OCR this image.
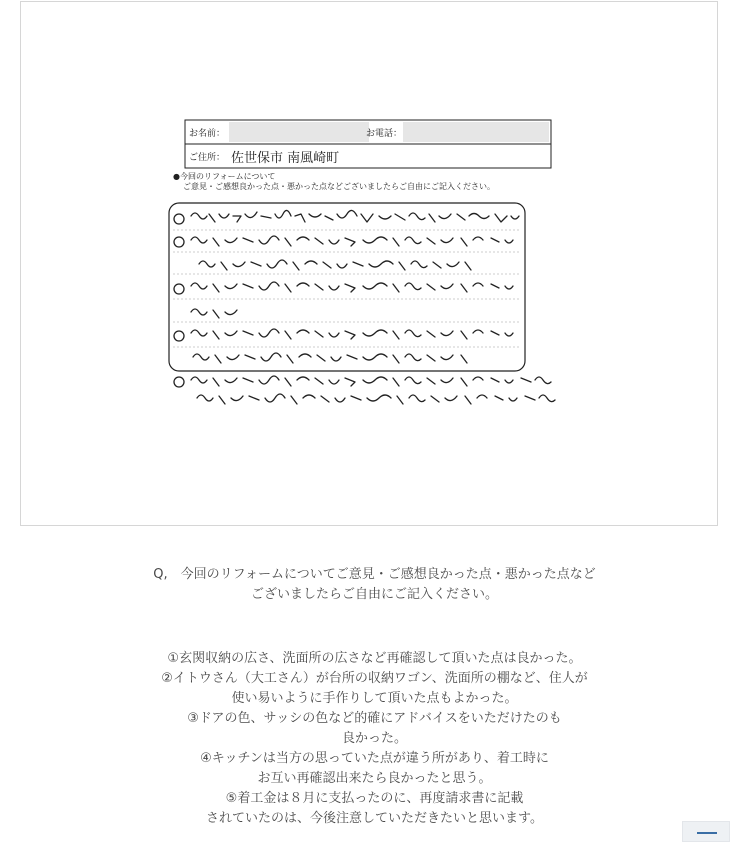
お名前：	お電話：
ご住所： 佐世保市 南風崎町
●今回のリフォームについて
ご意見・ご感想良かった点・悪かった点などございましたらご自由にご記入ください。
Q,　今回のリフォームについてご意見・ご感想良かった点・悪かった点など
ございましたらご自由にご記入ください。
①玄関収納の広さ、洗面所の広さなど再確認して頂いた点は良かった。
②イトウさん（大工さん）が台所の収納ワゴン、洗面所の棚など、住人が
使い易いように手作りして頂いた点もよかった。
③ドアの色、サッシの色など的確にアドバイスをいただけたのも
良かった。
④キッチンは当方の思っていた点が違う所があり、着工時に
お互い再確認出来たら良かったと思う。
⑤着工金は８月に支払ったのに、再度請求書に記載
されていたのは、今後注意していただきたいと思います。
